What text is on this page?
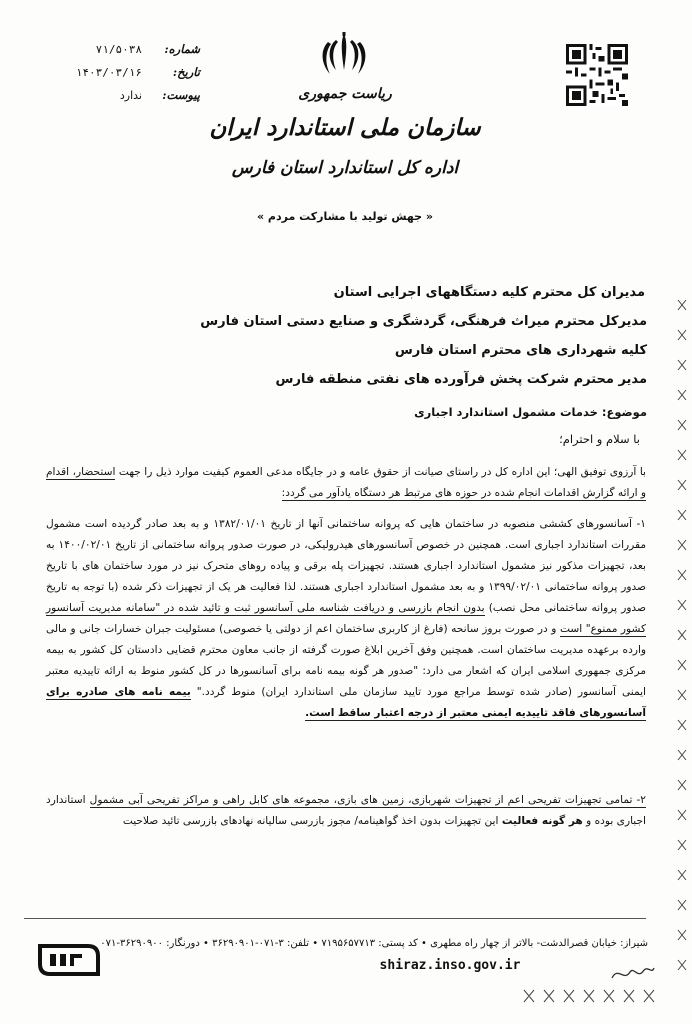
شماره:
۷۱/۵۰۳۸
تاریخ:
۱۴۰۳/۰۳/۱۶
پیوست:
ندارد	ریاست جمهوری
سازمان ملی استاندارد ایران
اداره کل استاندارد استان فارس
« جهش تولید با مشارکت مردم »
مدیران کل محترم کلیه دستگاههای اجرایی استان
مدیرکل محترم میراث فرهنگی، گردشگری و صنایع دستی استان فارس
کلیه شهرداری های محترم استان فارس
مدیر محترم شرکت پخش فرآورده های نفتی منطقه فارس
موضوع: خدمات مشمول استاندارد اجباری
با سلام و احترام؛
با آرزوی توفیق الهی؛ این اداره کل در راستای صیانت از حقوق عامه و در جایگاه مدعی العموم کیفیت موارد ذیل را جهت استحضار، اقدام و ارائه گزارش اقدامات انجام شده در حوزه های مرتبط هر دستگاه یادآور می گردد:
۱- آسانسورهای کششی منصوبه در ساختمان هایی که پروانه ساختمانی آنها از تاریخ ۱۳۸۲/۰۱/۰۱ و به بعد صادر گردیده است مشمول مقررات استاندارد اجباری است. همچنین در خصوص آسانسورهای هیدرولیکی، در صورت صدور پروانه ساختمانی از تاریخ ۱۴۰۰/۰۲/۰۱ به بعد، تجهیزات مذکور نیز مشمول استاندارد اجباری هستند. تجهیزات پله برقی و پیاده روهای متحرک نیز در مورد ساختمان های با تاریخ صدور پروانه ساختمانی ۱۳۹۹/۰۲/۰۱ و به بعد مشمول استاندارد اجباری هستند. لذا فعالیت هر یک از تجهیزات ذکر شده (با توجه به تاریخ صدور پروانه ساختمانی محل نصب) بدون انجام بازرسی و دریافت شناسه ملی آسانسور ثبت و تائید شده در "سامانه مدیریت آسانسور کشور ممنوع" است و در صورت بروز سانحه (فارغ از کاربری ساختمان اعم از دولتی یا خصوصی) مسئولیت جبران خسارات جانی و مالی وارده برعهده مدیریت ساختمان است. همچنین وفق آخرین ابلاغ صورت گرفته از جانب معاون محترم قضایی دادستان کل کشور به بیمه مرکزی جمهوری اسلامی ایران که اشعار می دارد: "صدور هر گونه بیمه نامه برای آسانسورها در کل کشور منوط به ارائه تاییدیه معتبر ایمنی آسانسور (صادر شده توسط مراجع مورد تایید سازمان ملی استاندارد ایران) منوط گردد." بیمه نامه های صادره برای آسانسورهای فاقد تاییدیه ایمنی معتبر از درجه اعتبار ساقط است.
۲- تمامی تجهیزات تفریحی اعم از تجهیزات شهربازی، زمین های بازی، مجموعه های کابل راهی و مراکز تفریحی آبی مشمول استاندارد اجباری بوده و هر گونه فعالیت این تجهیزات بدون اخذ گواهینامه/ مجوز بازرسی سالیانه نهادهای بازرسی تائید صلاحیت
شیراز: خیابان قصرالدشت- بالاتر از چهار راه مطهری • کد پستی: ۷۱۹۵۶۵۷۷۱۳ • تلفن: ۳-۰۷۱-۳۶۲۹۰۹۰۱ • دورنگار: ۳۶۲۹۰۹۰۰-۰۷۱
shiraz.inso.gov.ir
